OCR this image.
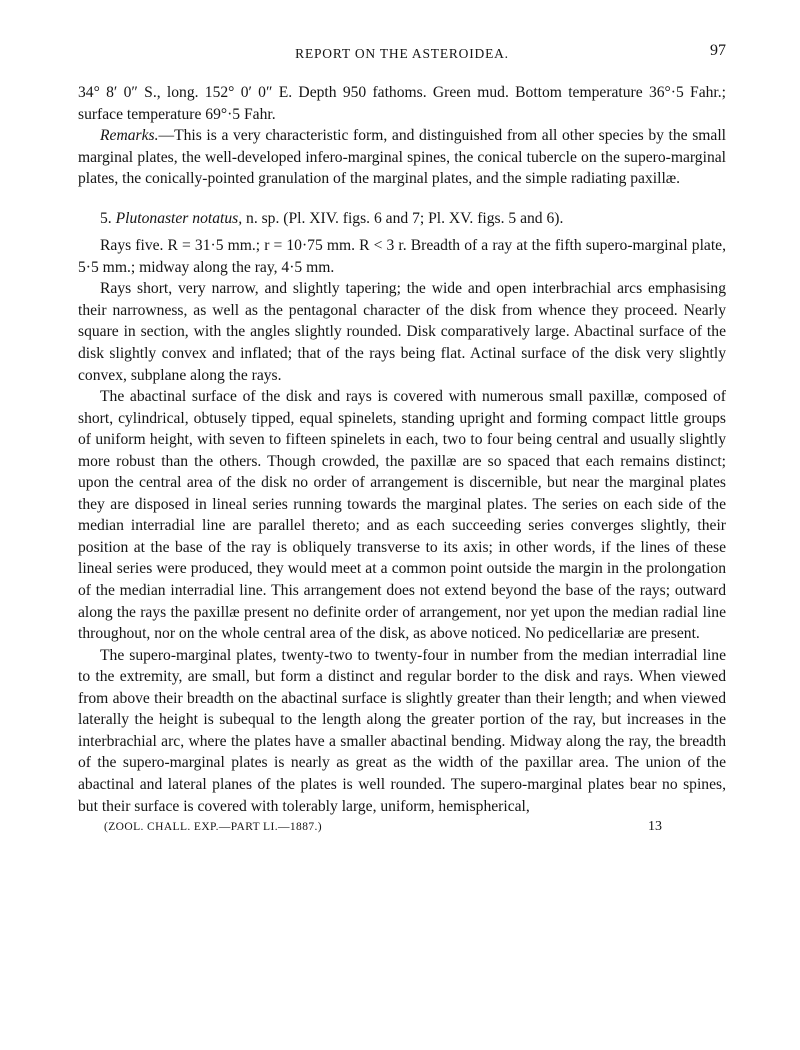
REPORT ON THE ASTEROIDEA.	97

34° 8′ 0″ S., long. 152° 0′ 0″ E. Depth 950 fathoms. Green mud. Bottom temperature 36°·5 Fahr.; surface temperature 69°·5 Fahr.

Remarks.—This is a very characteristic form, and distinguished from all other species by the small marginal plates, the well-developed infero-marginal spines, the conical tubercle on the supero-marginal plates, the conically-pointed granulation of the marginal plates, and the simple radiating paxillæ.

5. Plutonaster notatus, n. sp. (Pl. XIV. figs. 6 and 7; Pl. XV. figs. 5 and 6).

Rays five. R = 31·5 mm.; r = 10·75 mm. R < 3 r. Breadth of a ray at the fifth supero-marginal plate, 5·5 mm.; midway along the ray, 4·5 mm.

Rays short, very narrow, and slightly tapering; the wide and open interbrachial arcs emphasising their narrowness, as well as the pentagonal character of the disk from whence they proceed. Nearly square in section, with the angles slightly rounded. Disk comparatively large. Abactinal surface of the disk slightly convex and inflated; that of the rays being flat. Actinal surface of the disk very slightly convex, subplane along the rays.

The abactinal surface of the disk and rays is covered with numerous small paxillæ, composed of short, cylindrical, obtusely tipped, equal spinelets, standing upright and forming compact little groups of uniform height, with seven to fifteen spinelets in each, two to four being central and usually slightly more robust than the others. Though crowded, the paxillæ are so spaced that each remains distinct; upon the central area of the disk no order of arrangement is discernible, but near the marginal plates they are disposed in lineal series running towards the marginal plates. The series on each side of the median interradial line are parallel thereto; and as each succeeding series converges slightly, their position at the base of the ray is obliquely transverse to its axis; in other words, if the lines of these lineal series were produced, they would meet at a common point outside the margin in the prolongation of the median interradial line. This arrangement does not extend beyond the base of the rays; outward along the rays the paxillæ present no definite order of arrangement, nor yet upon the median radial line throughout, nor on the whole central area of the disk, as above noticed. No pedicellariæ are present.

The supero-marginal plates, twenty-two to twenty-four in number from the median interradial line to the extremity, are small, but form a distinct and regular border to the disk and rays. When viewed from above their breadth on the abactinal surface is slightly greater than their length; and when viewed laterally the height is subequal to the length along the greater portion of the ray, but increases in the interbrachial arc, where the plates have a smaller abactinal bending. Midway along the ray, the breadth of the supero-marginal plates is nearly as great as the width of the paxillar area. The union of the abactinal and lateral planes of the plates is well rounded. The supero-marginal plates bear no spines, but their surface is covered with tolerably large, uniform, hemispherical,

(ZOOL. CHALL. EXP.—PART LI.—1887.)	13
